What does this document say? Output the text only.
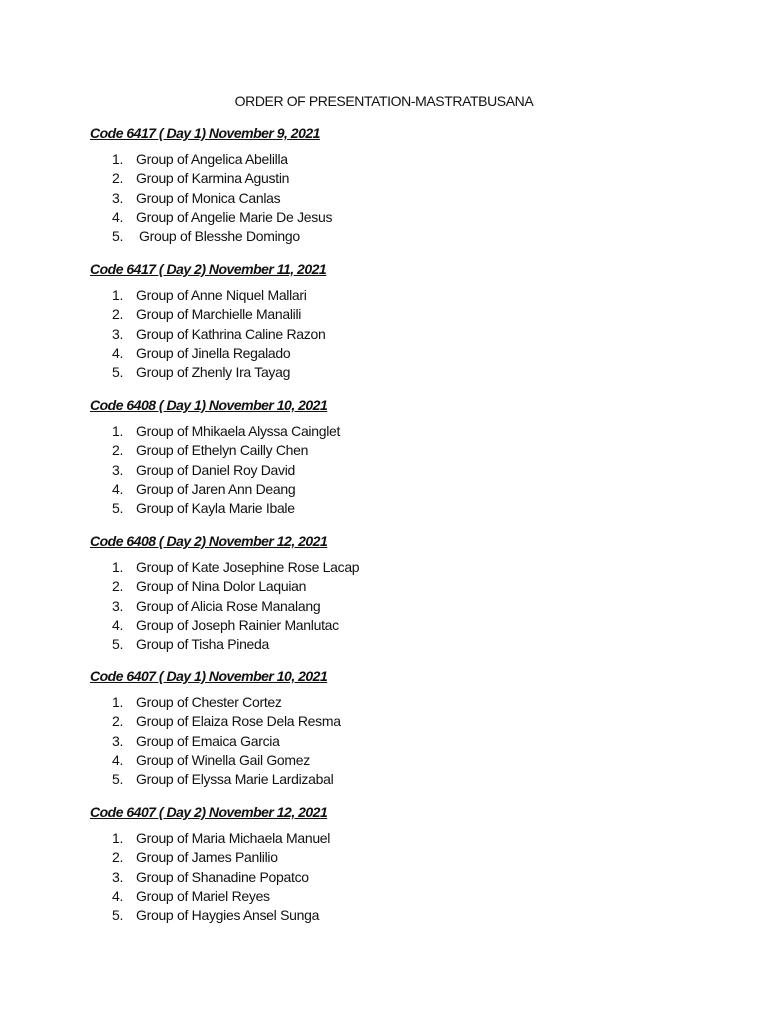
ORDER OF PRESENTATION-MASTRATBUSANA

Code 6417 ( Day 1) November 9, 2021

1. Group of Angelica Abelilla
2. Group of Karmina Agustin
3. Group of Monica Canlas
4. Group of Angelie Marie De Jesus
5.	Group of Blesshe Domingo

Code 6417 ( Day 2) November 11, 2021

1. Group of Anne Niquel Mallari
2. Group of Marchielle Manalili
3. Group of Kathrina Caline Razon
4. Group of Jinella Regalado
5. Group of Zhenly Ira Tayag

Code 6408 ( Day 1) November 10, 2021

1. Group of Mhikaela Alyssa Cainglet
2. Group of Ethelyn Cailly Chen
3. Group of Daniel Roy David
4. Group of Jaren Ann Deang
5. Group of Kayla Marie Ibale

Code 6408 ( Day 2) November 12, 2021

1. Group of Kate Josephine Rose Lacap
2. Group of Nina Dolor Laquian
3. Group of Alicia Rose Manalang
4. Group of Joseph Rainier Manlutac
5. Group of Tisha Pineda

Code 6407 ( Day 1) November 10, 2021

1. Group of Chester Cortez
2. Group of Elaiza Rose Dela Resma
3. Group of Emaica Garcia
4. Group of Winella Gail Gomez
5. Group of Elyssa Marie Lardizabal

Code 6407 ( Day 2) November 12, 2021

1. Group of Maria Michaela Manuel
2. Group of James Panlilio
3. Group of Shanadine Popatco
4. Group of Mariel Reyes
5. Group of Haygies Ansel Sunga
